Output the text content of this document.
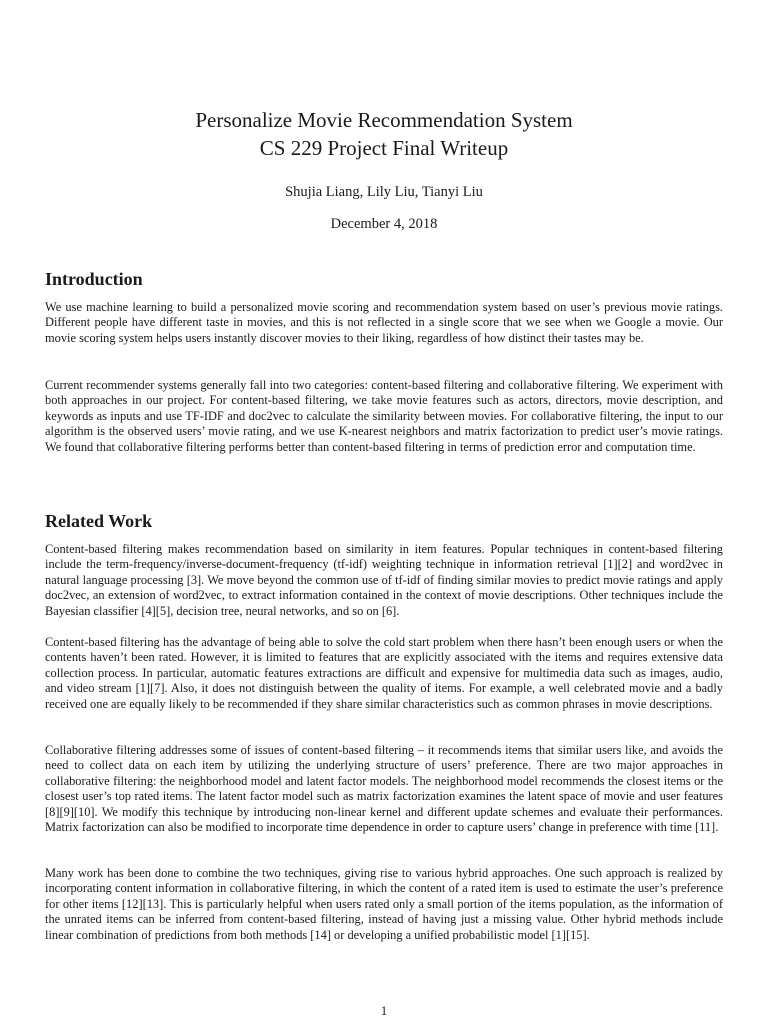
Personalize Movie Recommendation System
CS 229 Project Final Writeup
Shujia Liang, Lily Liu, Tianyi Liu
December 4, 2018
Introduction

We use machine learning to build a personalized movie scoring and recommendation system based on user’s previous movie ratings. Different people have different taste in movies, and this is not reflected in a single score that we see when we Google a movie. Our movie scoring system helps users instantly discover movies to their liking, regardless of how distinct their tastes may be.

Current recommender systems generally fall into two categories: content-based filtering and collaborative filtering. We experiment with both approaches in our project. For content-based filtering, we take movie features such as actors, directors, movie description, and keywords as inputs and use TF-IDF and doc2vec to calculate the similarity between movies. For collaborative filtering, the input to our algorithm is the observed users’ movie rating, and we use K-nearest neighbors and matrix factorization to predict user’s movie ratings. We found that collaborative filtering performs better than content-based filtering in terms of prediction error and computation time.

Related Work

Content-based filtering makes recommendation based on similarity in item features. Popular techniques in content-based filtering include the term-frequency/inverse-document-frequency (tf-idf) weighting technique in information retrieval [1][2] and word2vec in natural language processing [3]. We move beyond the common use of tf-idf of finding similar movies to predict movie ratings and apply doc2vec, an extension of word2vec, to extract information contained in the context of movie descriptions. Other techniques include the Bayesian classifier [4][5], decision tree, neural networks, and so on [6].

Content-based filtering has the advantage of being able to solve the cold start problem when there hasn’t been enough users or when the contents haven’t been rated. However, it is limited to features that are explicitly associated with the items and requires extensive data collection process. In particular, automatic features extractions are difficult and expensive for multimedia data such as images, audio, and video stream [1][7]. Also, it does not distinguish between the quality of items. For example, a well celebrated movie and a badly received one are equally likely to be recommended if they share similar characteristics such as common phrases in movie descriptions.

Collaborative filtering addresses some of issues of content-based filtering – it recommends items that similar users like, and avoids the need to collect data on each item by utilizing the underlying structure of users’ preference. There are two major approaches in collaborative filtering: the neighborhood model and latent factor models. The neighborhood model recommends the closest items or the closest user’s top rated items. The latent factor model such as matrix factorization examines the latent space of movie and user features [8][9][10]. We modify this technique by introducing non-linear kernel and different update schemes and evaluate their performances. Matrix factorization can also be modified to incorporate time dependence in order to capture users’ change in preference with time [11].

Many work has been done to combine the two techniques, giving rise to various hybrid approaches. One such approach is realized by incorporating content information in collaborative filtering, in which the content of a rated item is used to estimate the user’s preference for other items [12][13]. This is particularly helpful when users rated only a small portion of the items population, as the information of the unrated items can be inferred from content-based filtering, instead of having just a missing value. Other hybrid methods include linear combination of predictions from both methods [14] or developing a unified probabilistic model [1][15].

1
